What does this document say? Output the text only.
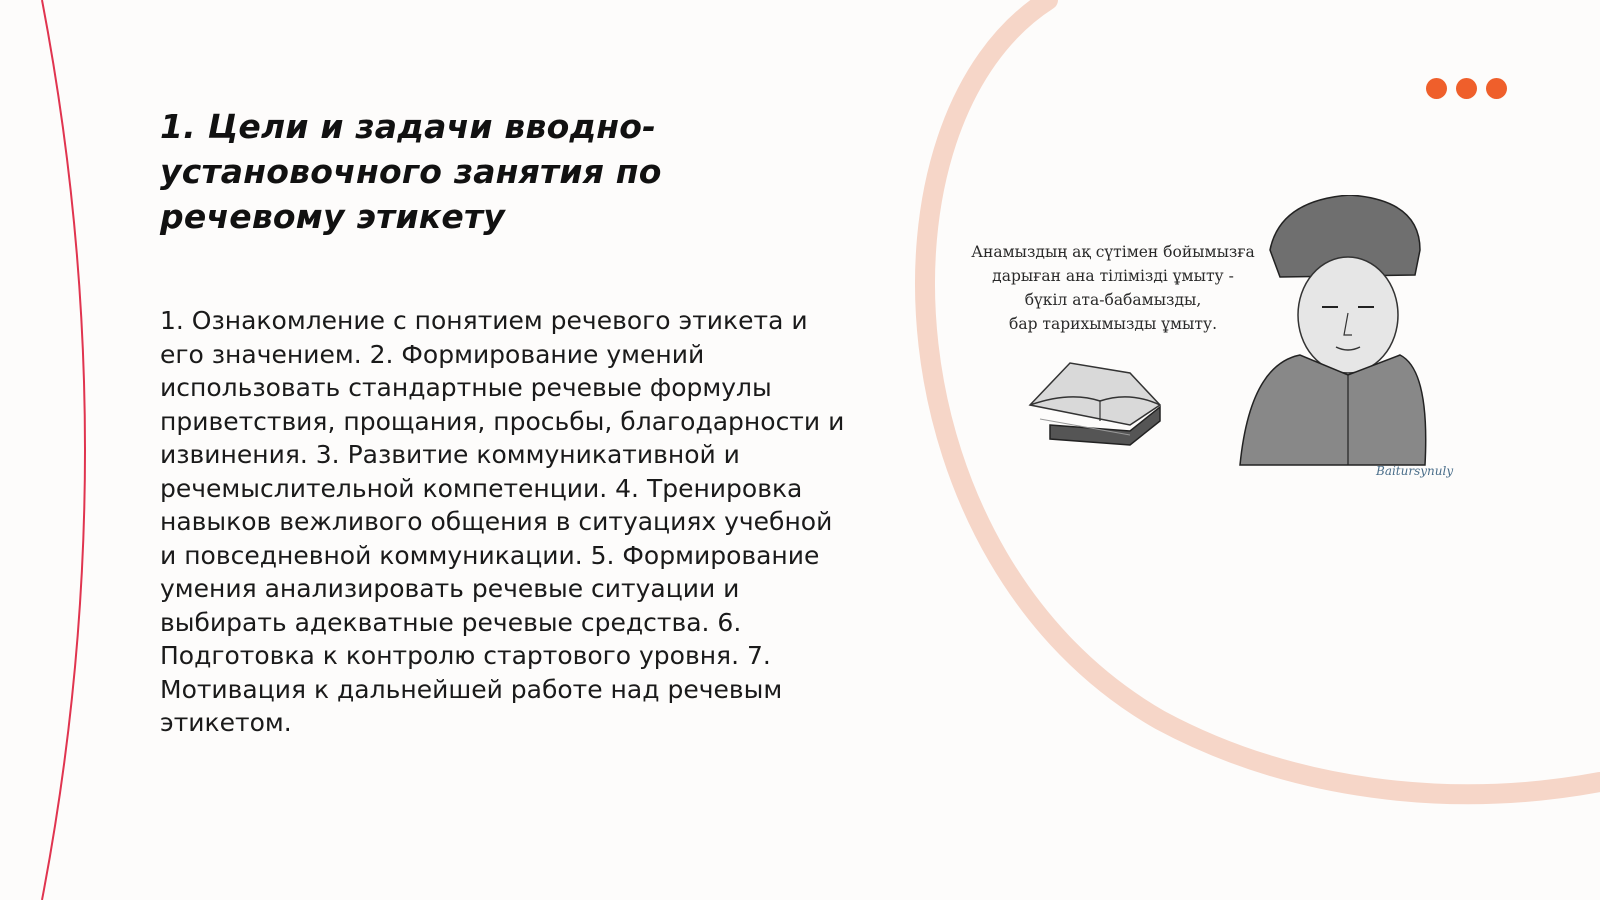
1. Цели и задачи вводно-установочного занятия по речевому этикету

1. Ознакомление с понятием речевого этикета и его значением. 2. Формирование умений использовать стандартные речевые формулы приветствия, прощания, просьбы, благодарности и извинения. 3. Развитие коммуникативной и речемыслительной компетенции. 4. Тренировка навыков вежливого общения в ситуациях учебной и повседневной коммуникации. 5. Формирование умения анализировать речевые ситуации и выбирать адекватные речевые средства. 6. Подготовка к контролю стартового уровня. 7. Мотивация к дальнейшей работе над речевым этикетом.

Анамыздың ақ сүтімен бойымызға
дарыған ана тілімізді ұмыту -
бүкіл ата-бабамызды,
бар тарихымызды ұмыту.
Baitursynuly
